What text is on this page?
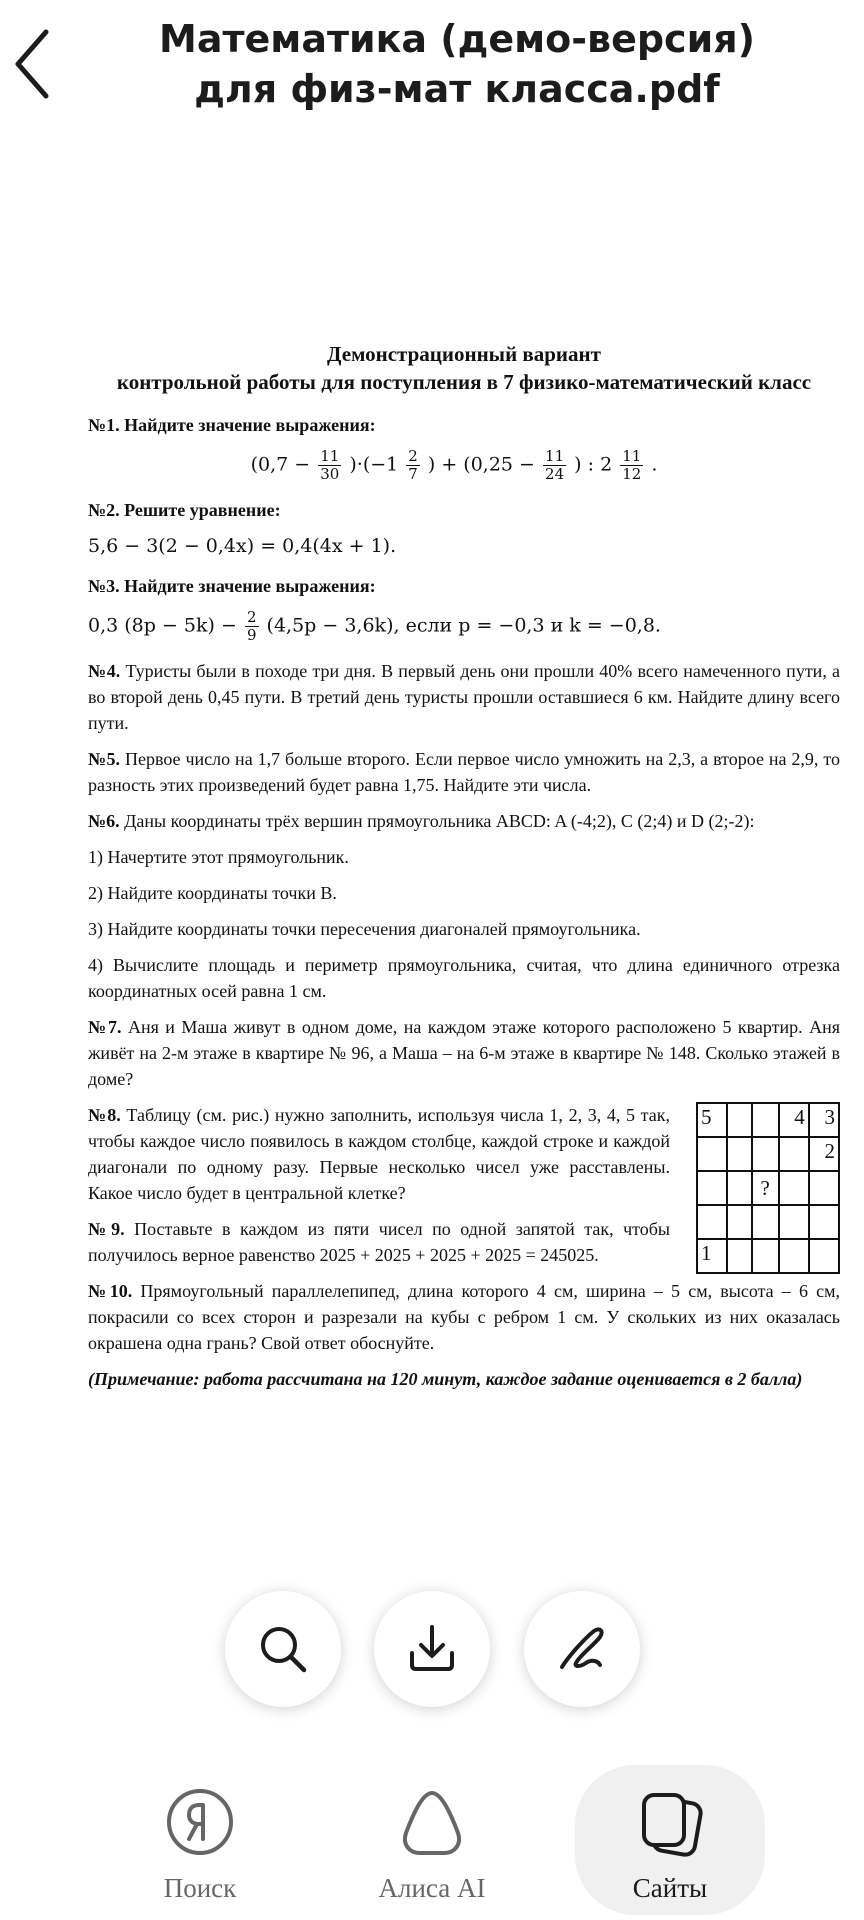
Математика (демо-версия)
для физ-мат класса.pdf
Демонстрационный вариант
контрольной работы для поступления в 7 физико-математический класс
№1. Найдите значение выражения:
$(0,7 - \frac{11}{30} )\cdot(-1 \frac{2}{7}$ ) + ($0,25 - \frac{11}{24}$ ) : $2 \frac{11}{12}$ .
№2. Решите уравнение:
5,6 − 3(2 − 0,4x) = 0,4(4x + 1).
№3. Найдите значение выражения:
0,3 $(8p - 5k) - \frac{2}{9} (4,5p - 3,6k)$, если p = −0,3 и k = −0,8.
№4. Туристы были в походе три дня. В первый день они прошли 40% всего намеченного пути, а во второй день 0,45 пути. В третий день туристы прошли оставшиеся 6 км. Найдите длину всего пути.
№5. Первое число на 1,7 больше второго. Если первое число умножить на 2,3, а второе на 2,9, то разность этих произведений будет равна 1,75. Найдите эти числа.
№6. Даны координаты трёх вершин прямоугольника ABCD: A (-4;2), C (2;4) и D (2;-2):
1) Начертите этот прямоугольник.
2) Найдите координаты точки B.
3) Найдите координаты точки пересечения диагоналей прямоугольника.
4) Вычислите площадь и периметр прямоугольника, считая, что длина единичного отрезка координатных осей равна 1 см.
№7. Аня и Маша живут в одном доме, на каждом этаже которого расположено 5 квартир. Аня живёт на 2-м этаже в квартире № 96, а Маша – на 6-м этаже в квартире № 148. Сколько этажей в доме?
№8. Таблицу (см. рис.) нужно заполнить, используя числа 1, 2, 3, 4, 5 так, чтобы каждое число появилось в каждом столбце, каждой строке и каждой диагонали по одному разу. Первые несколько чисел уже расставлены. Какое число будет в центральной клетке?
№9. Поставьте в каждом из пяти чисел по одной запятой так, чтобы получилось верное равенство 2025 + 2025 + 2025 + 2025 = 245025.
5			4	3
				2
		?		

1				
№10. Прямоугольный параллелепипед, длина которого 4 см, ширина – 5 см, высота – 6 см, покрасили со всех сторон и разрезали на кубы с ребром 1 см. У скольких из них оказалась окрашена одна грань? Свой ответ обоснуйте.
(Примечание: работа рассчитана на 120 минут, каждое задание оценивается в 2 балла)
Поиск	Алиса AI	Сайты
